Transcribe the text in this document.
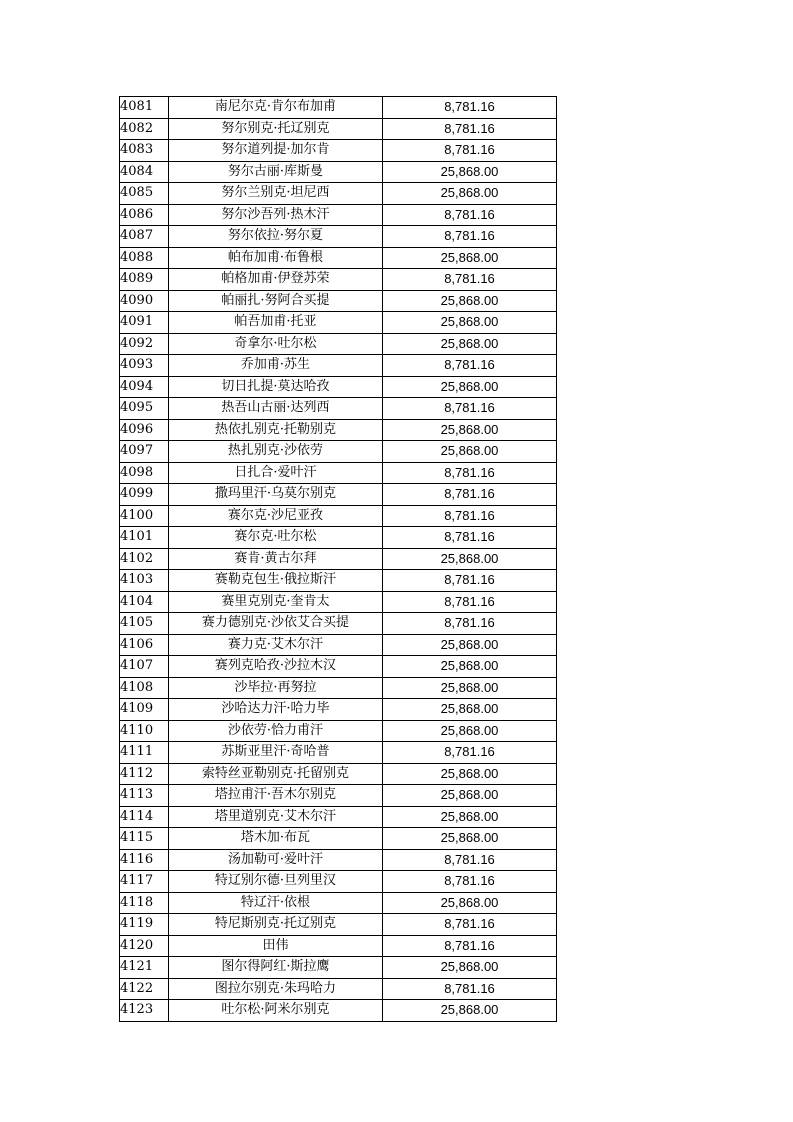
4081	南尼尔克·肯尔布加甫	8,781.16
4082	努尔别克·托辽别克	8,781.16
4083	努尔道列提·加尔肯	8,781.16
4084	努尔古丽·库斯曼	25,868.00
4085	努尔兰别克·坦尼西	25,868.00
4086	努尔沙吾列·热木汗	8,781.16
4087	努尔依拉·努尔夏	8,781.16
4088	帕布加甫·布鲁根	25,868.00
4089	帕格加甫·伊登苏荣	8,781.16
4090	帕丽扎·努阿合买提	25,868.00
4091	帕吾加甫·托亚	25,868.00
4092	奇拿尔·吐尔松	25,868.00
4093	乔加甫·苏生	8,781.16
4094	切日扎提·莫达哈孜	25,868.00
4095	热吾山古丽·达列西	8,781.16
4096	热依扎别克·托勒别克	25,868.00
4097	热扎别克·沙依劳	25,868.00
4098	日扎合·爱叶汗	8,781.16
4099	撒玛里汗·乌莫尔别克	8,781.16
4100	赛尔克·沙尼亚孜	8,781.16
4101	赛尔克·吐尔松	8,781.16
4102	赛肯·黄古尔拜	25,868.00
4103	赛勒克包生·俄拉斯汗	8,781.16
4104	赛里克别克·奎肯太	8,781.16
4105	赛力德别克·沙依艾合买提	8,781.16
4106	赛力克·艾木尔汗	25,868.00
4107	赛列克哈孜·沙拉木汉	25,868.00
4108	沙毕拉·再努拉	25,868.00
4109	沙哈达力汗·哈力毕	25,868.00
4110	沙依劳·恰力甫汗	25,868.00
4111	苏斯亚里汗·奇哈普	8,781.16
4112	索特丝亚勒别克·托留别克	25,868.00
4113	塔拉甫汗·吾木尔别克	25,868.00
4114	塔里道别克·艾木尔汗	25,868.00
4115	塔木加·布瓦	25,868.00
4116	汤加勒可·爱叶汗	8,781.16
4117	特辽别尔德·旦列里汉	8,781.16
4118	特辽汗·依根	25,868.00
4119	特尼斯别克·托辽别克	8,781.16
4120	田伟	8,781.16
4121	图尔得阿红·斯拉鹰	25,868.00
4122	图拉尔别克·朱玛哈力	8,781.16
4123	吐尔松·阿米尔别克	25,868.00
